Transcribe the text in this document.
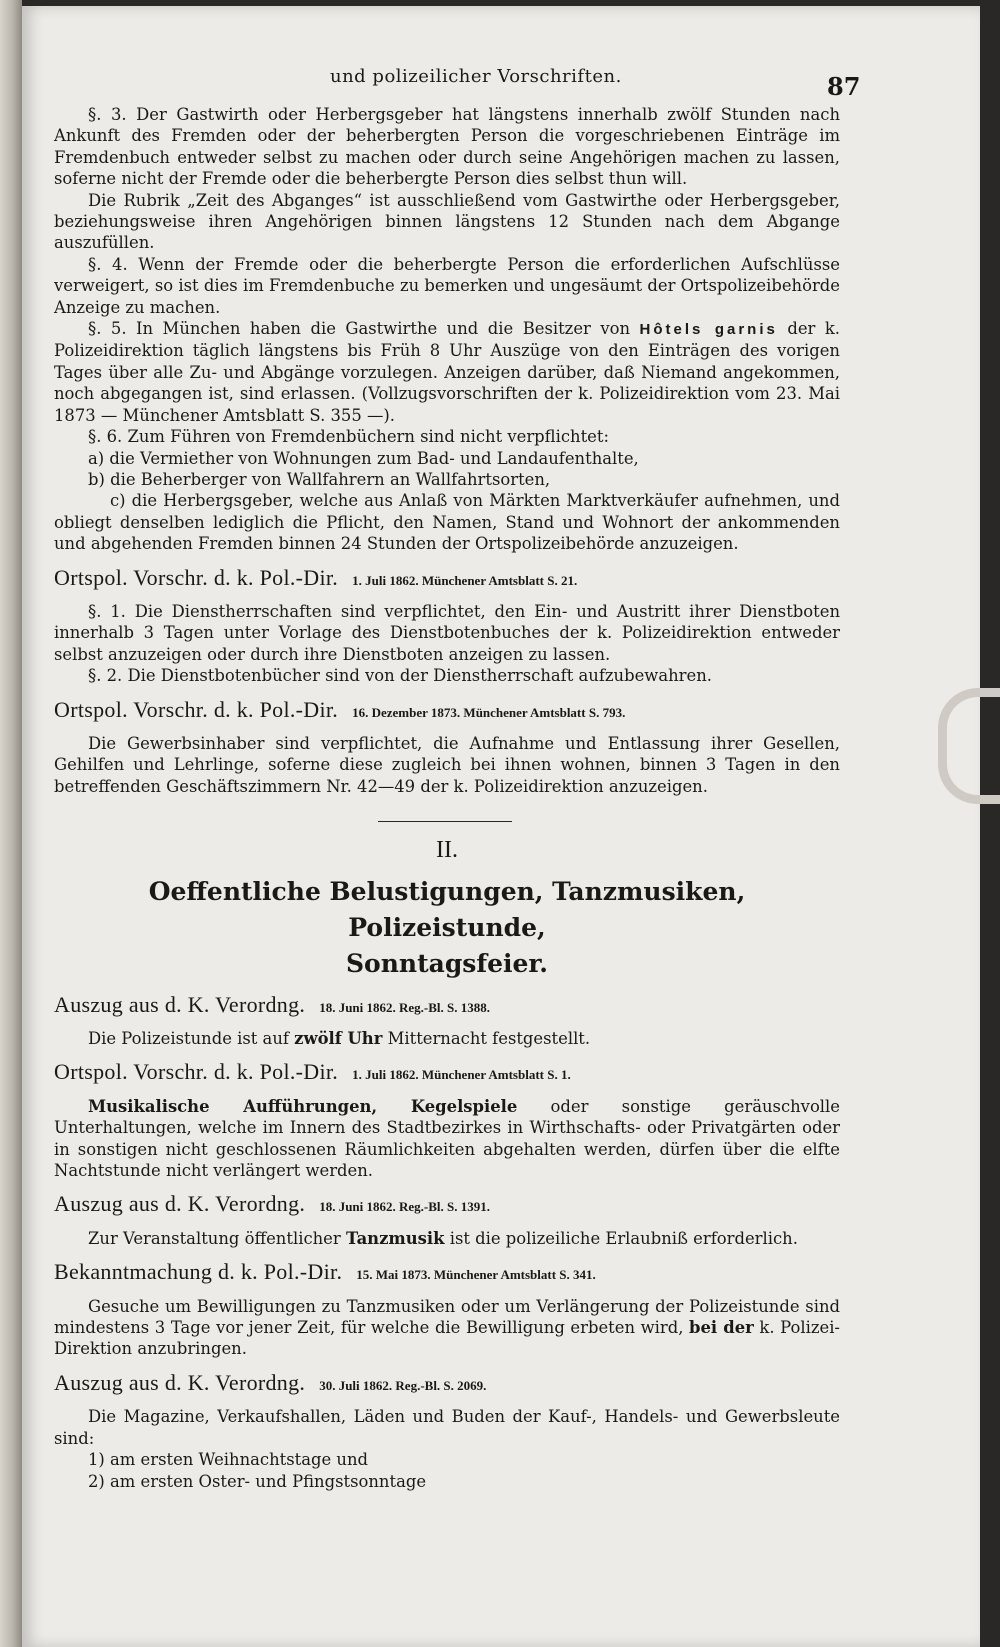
und polizeilicher Vorschriften.	87

§. 3. Der Gastwirth oder Herbergsgeber hat längstens innerhalb zwölf Stunden nach Ankunft des Fremden oder der beherbergten Person die vorgeschriebenen Einträge im Fremdenbuch entweder selbst zu machen oder durch seine Angehörigen machen zu lassen, soferne nicht der Fremde oder die beherbergte Person dies selbst thun will.

Die Rubrik „Zeit des Abganges“ ist ausschließend vom Gastwirthe oder Herbergsgeber, beziehungsweise ihren Angehörigen binnen längstens 12 Stunden nach dem Abgange auszufüllen.

§. 4. Wenn der Fremde oder die beherbergte Person die erforderlichen Aufschlüsse verweigert, so ist dies im Fremdenbuche zu bemerken und ungesäumt der Ortspolizeibehörde Anzeige zu machen.

§. 5. In München haben die Gastwirthe und die Besitzer von Hôtels garnis der k. Polizeidirektion täglich längstens bis Früh 8 Uhr Auszüge von den Einträgen des vorigen Tages über alle Zu- und Abgänge vorzulegen. Anzeigen darüber, daß Niemand angekommen, noch abgegangen ist, sind erlassen. (Vollzugsvorschriften der k. Polizeidirektion vom 23. Mai 1873 — Münchener Amtsblatt S. 355 —).

§. 6. Zum Führen von Fremdenbüchern sind nicht verpflichtet:

a) die Vermiether von Wohnungen zum Bad- und Landaufenthalte,

b) die Beherberger von Wallfahrern an Wallfahrtsorten,

c) die Herbergsgeber, welche aus Anlaß von Märkten Marktverkäufer aufnehmen, und obliegt denselben lediglich die Pflicht, den Namen, Stand und Wohnort der ankommenden und abgehenden Fremden binnen 24 Stunden der Ortspolizeibehörde anzuzeigen.

Ortspol. Vorschr. d. k. Pol.-Dir. 1. Juli 1862. Münchener Amtsblatt S. 21.

§. 1. Die Dienstherrschaften sind verpflichtet, den Ein- und Austritt ihrer Dienstboten innerhalb 3 Tagen unter Vorlage des Dienstbotenbuches der k. Polizeidirektion entweder selbst anzuzeigen oder durch ihre Dienstboten anzeigen zu lassen.

§. 2. Die Dienstbotenbücher sind von der Dienstherrschaft aufzubewahren.

Ortspol. Vorschr. d. k. Pol.-Dir. 16. Dezember 1873. Münchener Amtsblatt S. 793.

Die Gewerbsinhaber sind verpflichtet, die Aufnahme und Entlassung ihrer Gesellen, Gehilfen und Lehrlinge, soferne diese zugleich bei ihnen wohnen, binnen 3 Tagen in den betreffenden Geschäftszimmern Nr. 42—49 der k. Polizeidirektion anzuzeigen.

II.
Oeffentliche Belustigungen, Tanzmusiken, Polizeistunde,
Sonntagsfeier.
Auszug aus d. K. Verordng. 18. Juni 1862. Reg.-Bl. S. 1388.

Die Polizeistunde ist auf zwölf Uhr Mitternacht festgestellt.

Ortspol. Vorschr. d. k. Pol.-Dir. 1. Juli 1862. Münchener Amtsblatt S. 1.

Musikalische Aufführungen, Kegelspiele oder sonstige geräuschvolle Unterhaltungen, welche im Innern des Stadtbezirkes in Wirthschafts- oder Privatgärten oder in sonstigen nicht geschlossenen Räumlichkeiten abgehalten werden, dürfen über die elfte Nachtstunde nicht verlängert werden.

Auszug aus d. K. Verordng. 18. Juni 1862. Reg.-Bl. S. 1391.

Zur Veranstaltung öffentlicher Tanzmusik ist die polizeiliche Erlaubniß erforderlich.

Bekanntmachung d. k. Pol.-Dir. 15. Mai 1873. Münchener Amtsblatt S. 341.

Gesuche um Bewilligungen zu Tanzmusiken oder um Verlängerung der Polizeistunde sind mindestens 3 Tage vor jener Zeit, für welche die Bewilligung erbeten wird, bei der k. Polizei-Direktion anzubringen.

Auszug aus d. K. Verordng. 30. Juli 1862. Reg.-Bl. S. 2069.

Die Magazine, Verkaufshallen, Läden und Buden der Kauf-, Handels- und Gewerbsleute sind:

1) am ersten Weihnachtstage und

2) am ersten Oster- und Pfingstsonntage
